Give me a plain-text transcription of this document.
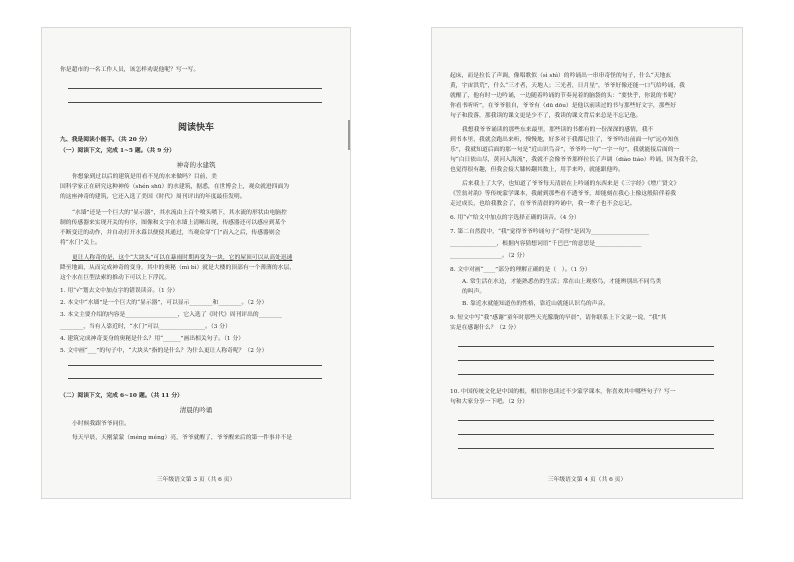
你是超市的一名工作人员，该怎样劝说他呢？写一写。
阅读快车
九、我是阅读小能手。（共 20 分）
（一）阅读下文，完成 1~5 题。（共 9 分）
神奇的水建筑
你想象到过以后的建筑是用看不见的水来做吗？目前，美
国科学家正在研究这种神传（shén shū）的水建筑，据悉，在世博会上，观众就进四面为
的这座神奇的建筑，它还入选了美国《时代》周刊评出的年度最佳发明。
“水墙”还是一个巨大的“显示器”，其水流由上百个喷头喷下，其水流的形状由电脑控
制的传感器来实现开关的有序，图像和文字在水墙上清晰出现，传感器还可以感应到某个
不断变迁的动作，并自动打开水幕以便使其通过，当观众穿“门”而入之后，传感器则会
将“水门”关上。
更让人称奇的是，这个“大块头”可以在暴雨时期再变为一块，它的屋顶可以从高处迅速
降至地面，从而完成神奇的变身，其中的奥秘（mì bì）就是大楼的顶部有一个薄薄的水层，
这个水在巨型法索的推动下可以上下浮沉。
1. 用“√”划去文中加点字的错误读音。（1 分）
2. 本文中“水墙”是一个巨大的“显示器”，可以显示________和________。（2 分）
3. 本文主要介绍的内容是__________________，它入选了《时代》周刊评出的________
________，当有人靠近时，“水门”可以________________。（3 分）
4. 建筑完成神奇变身的奥秘是什么？用“______”画出相关句子。（1 分）
5. 文中画“___”的句子中，“大块头”指的是什么？为什么更让人称奇呢？（2 分）
（二）阅读下文，完成 6~10 题。（共 11 分）
清晨的吟诵
小时候我跟爷爷同住。
每天早晨，天刚蒙蒙（méng méng）亮，爷爷就醒了，爷爷醒来后的第一件事并不是
三年级语文第 3 页（共 6 页）
起床，而是拉长了声调，像唱歌似（sì shì）的吟诵出一串串奇怪的句子，什么“天地玄
黄，宇宙洪荒”，什么“三才者，天地人；三光者，日月星”，爷爷好像还能一口气给吟诵，我
就醒了，他有时一边吟诵，一边随着吟诵的节奏晃着的脑袋的头：“要快乎，你说的书呢？
你看书听听”，在爷爷很自，爷爷有（dū dōu）是他以前读过的书与那些好文字，那些好
句子和段落，那我读的课文更是少不了，我读的课文背后来总是不忘记他。
我想我爷爷诵读的那些东来最里，那些读的书都有的一份深深的感情，我不
到书本里，我就会跑出来听，慢慢地，好多对于我都记住了，爷爷吟出前面一句“远亦知鱼
乐”，我就知道后面的那一句是“近山识鸟音”，爷爷吟一句“一字一句”，我就能接后面的一
句“白日依山尽，黄河入海流”，我就不会像爷爷那样拉长了声调（diào tiáo）吟诵，因为我不会，
也觉得很有趣，但我会接大膝转翻其数上，用手来吟，就能跟他吟。
后来我上了大学，也知道了爷爷每天清晨在上吟诵的东西来是《三字经》《增广贤文》
《笠翁对韵》等传统蒙学课本，我耐到那些看不透爷爷，却能刻在我心上像这般陪伴着我
走过成长，也给我教会了，在爷爷清晨的吟诵中，我一辈子也不会忘记。
6. 用“√”给文中加点的字选择正确的读音。（4 分）
7. 第二自然段中，“我”觉得爷爷吟诵句子“奇怪”是因为____________________
________________，根据内容猜想词语“千巴巴”的意思是________________
__________________。（2 分）
8. 文中对画“____”部分的理解正确的是（　）。（1 分）
A. 常生活在水边，才能熟悉鱼的生活；常在山上观察鸟，才能辨别出不同鸟类
的叫声。
B. 靠近水就能知道鱼的性格，靠近山就能认识鸟的声音。
9. 短文中写“我”感谢“童年时那些天光朦胧的早晨”，请你联系上下文说一说，“我”其
实是在感谢什么？（2 分）
10. 中国传统文化是中国的根，相信你也读过不少蒙学课本，你喜欢其中哪些句子？写一
句和大家分享一下吧。（2 分）
三年级语文第 4 页（共 6 页）
